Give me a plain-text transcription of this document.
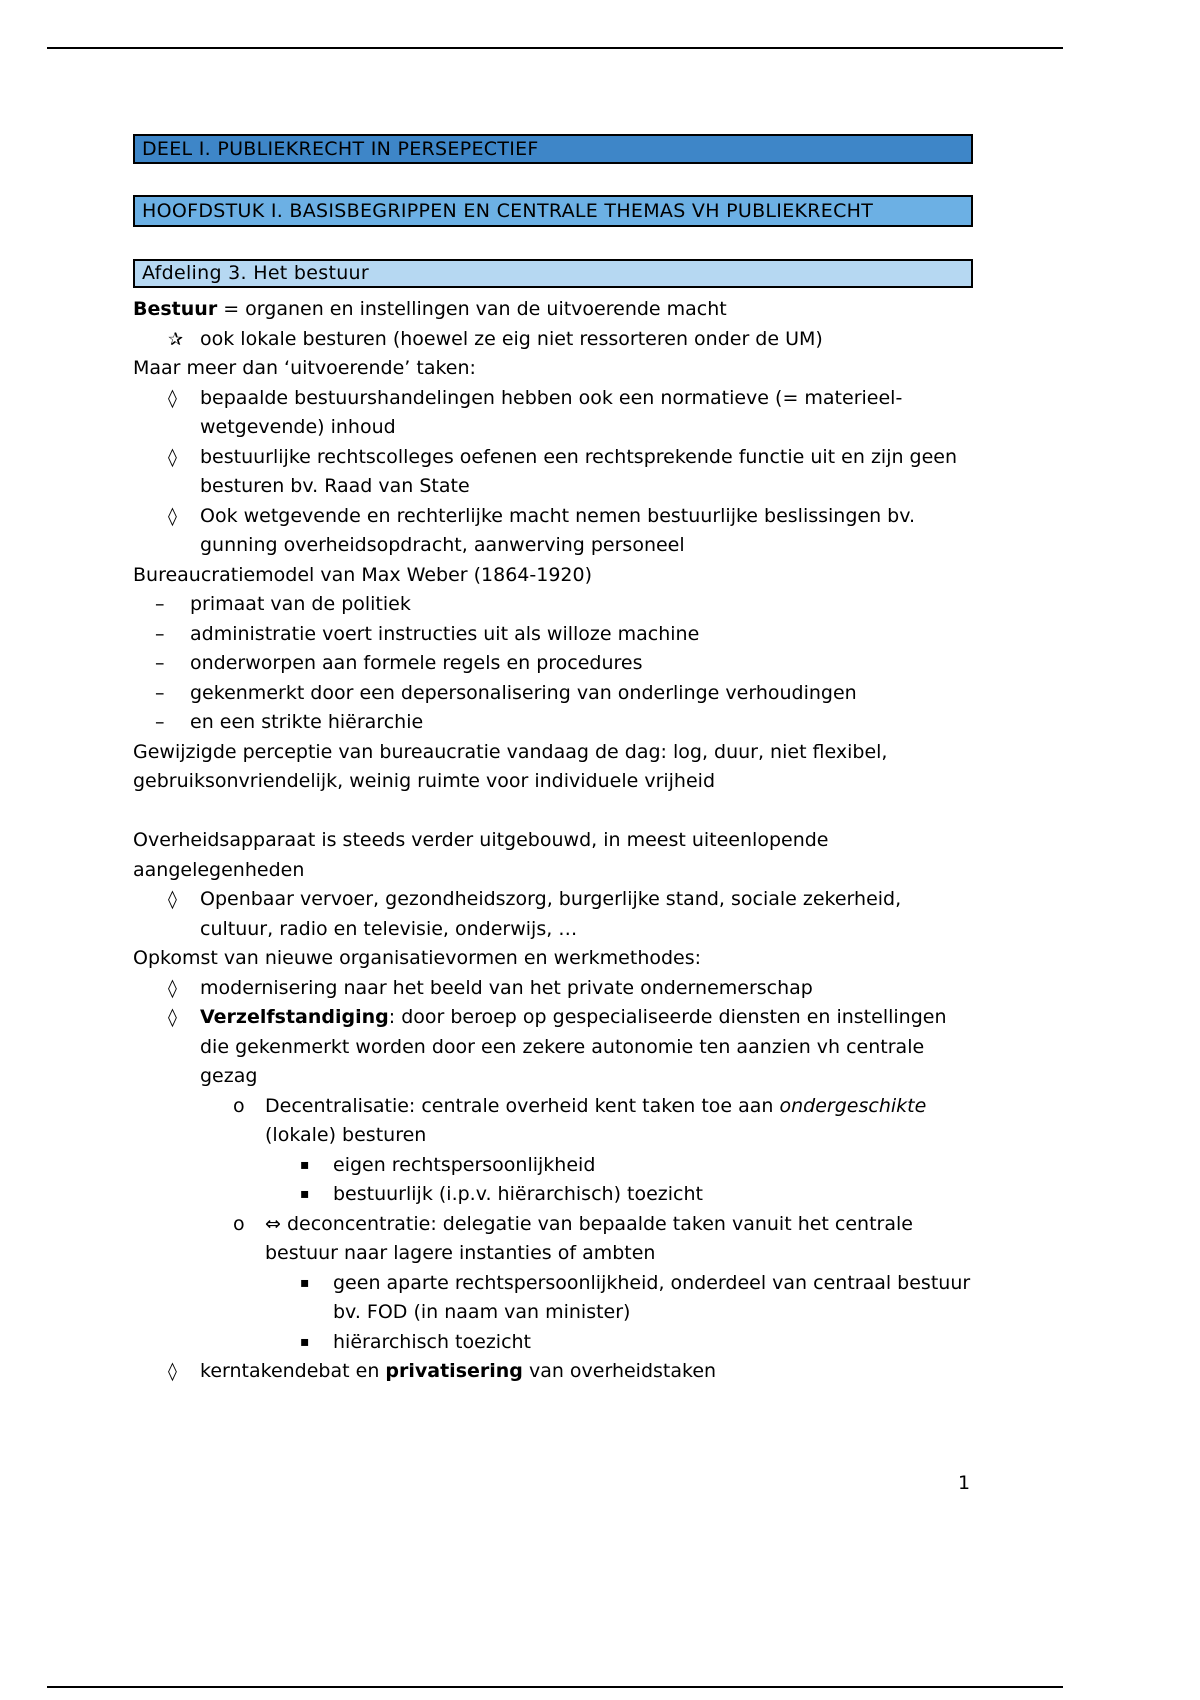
DEEL I. PUBLIEKRECHT IN PERSEPECTIEF
HOOFDSTUK I. BASISBEGRIPPEN EN CENTRALE THEMAS VH PUBLIEKRECHT
Afdeling 3. Het bestuur
Bestuur = organen en instellingen van de uitvoerende macht
✰ ook lokale besturen (hoewel ze eig niet ressorteren onder de UM)
Maar meer dan ‘uitvoerende’ taken:
◊	bepaalde bestuurshandelingen hebben ook een normatieve (= materieel-wetgevende) inhoud
◊	bestuurlijke rechtscolleges oefenen een rechtsprekende functie uit en zijn geen besturen bv. Raad van State
◊	Ook wetgevende en rechterlijke macht nemen bestuurlijke beslissingen bv. gunning overheidsopdracht, aanwerving personeel
Bureaucratiemodel van Max Weber (1864-1920)
–	primaat van de politiek
–	administratie voert instructies uit als willoze machine
–	onderworpen aan formele regels en procedures
–	gekenmerkt door een depersonalisering van onderlinge verhoudingen
–	en een strikte hiërarchie
Gewijzigde perceptie van bureaucratie vandaag de dag: log, duur, niet flexibel, gebruiksonvriendelijk, weinig ruimte voor individuele vrijheid
Overheidsapparaat is steeds verder uitgebouwd, in meest uiteenlopende aangelegenheden
◊	Openbaar vervoer, gezondheidszorg, burgerlijke stand, sociale zekerheid, cultuur, radio en televisie, onderwijs, …
Opkomst van nieuwe organisatievormen en werkmethodes:
◊	modernisering naar het beeld van het private ondernemerschap
◊	Verzelfstandiging: door beroep op gespecialiseerde diensten en instellingen die gekenmerkt worden door een zekere autonomie ten aanzien vh centrale gezag
o	Decentralisatie: centrale overheid kent taken toe aan ondergeschikte (lokale) besturen
▪	eigen rechtspersoonlijkheid
▪	bestuurlijk (i.p.v. hiërarchisch) toezicht
o	⇔ deconcentratie: delegatie van bepaalde taken vanuit het centrale bestuur naar lagere instanties of ambten
▪	geen aparte rechtspersoonlijkheid, onderdeel van centraal bestuur bv. FOD (in naam van minister)
▪	hiërarchisch toezicht
◊	kerntakendebat en privatisering van overheidstaken
1
